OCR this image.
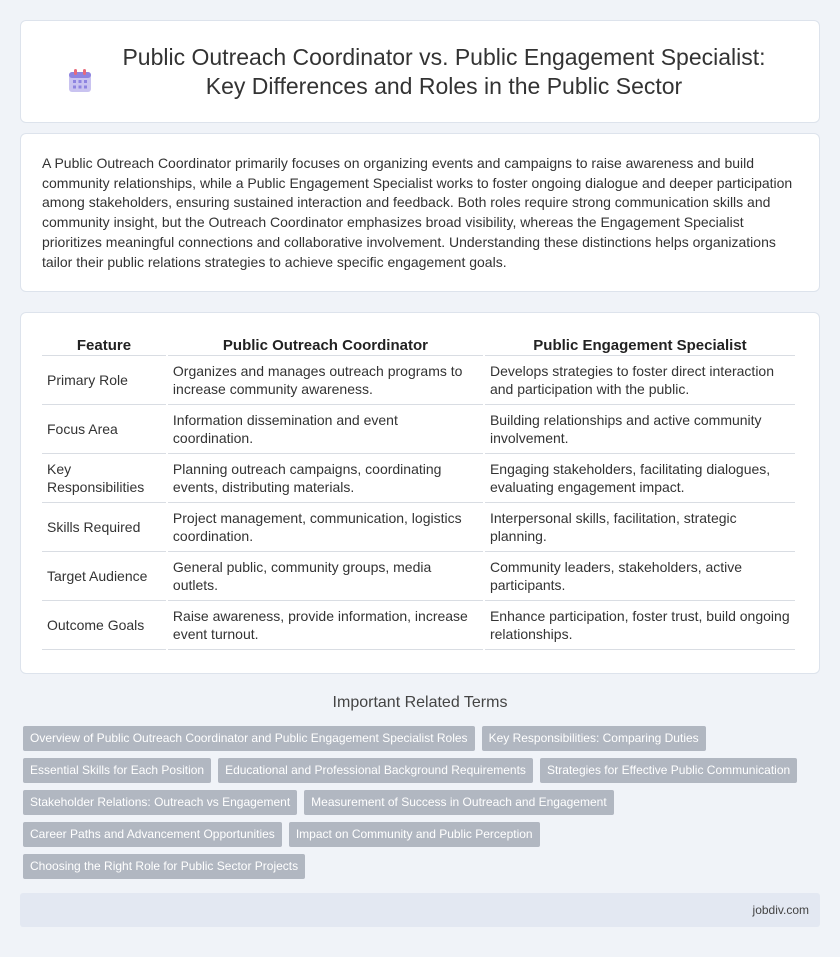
Public Outreach Coordinator vs. Public Engagement Specialist: Key Differences and Roles in the Public Sector

A Public Outreach Coordinator primarily focuses on organizing events and campaigns to raise awareness and build community relationships, while a Public Engagement Specialist works to foster ongoing dialogue and deeper participation among stakeholders, ensuring sustained interaction and feedback. Both roles require strong communication skills and community insight, but the Outreach Coordinator emphasizes broad visibility, whereas the Engagement Specialist prioritizes meaningful connections and collaborative involvement. Understanding these distinctions helps organizations tailor their public relations strategies to achieve specific engagement goals.

Feature	Public Outreach Coordinator	Public Engagement Specialist
Primary Role	Organizes and manages outreach programs to increase community awareness.	Develops strategies to foster direct interaction and participation with the public.
Focus Area	Information dissemination and event coordination.	Building relationships and active community involvement.
Key Responsibilities	Planning outreach campaigns, coordinating events, distributing materials.	Engaging stakeholders, facilitating dialogues, evaluating engagement impact.
Skills Required	Project management, communication, logistics coordination.	Interpersonal skills, facilitation, strategic planning.
Target Audience	General public, community groups, media outlets.	Community leaders, stakeholders, active participants.
Outcome Goals	Raise awareness, provide information, increase event turnout.	Enhance participation, foster trust, build ongoing relationships.
Important Related Terms
Overview of Public Outreach Coordinator and Public Engagement Specialist Roles	Key Responsibilities: Comparing Duties
Essential Skills for Each Position	Educational and Professional Background Requirements	Strategies for Effective Public Communication
Stakeholder Relations: Outreach vs Engagement	Measurement of Success in Outreach and Engagement
Career Paths and Advancement Opportunities	Impact on Community and Public Perception
Choosing the Right Role for Public Sector Projects
jobdiv.com
